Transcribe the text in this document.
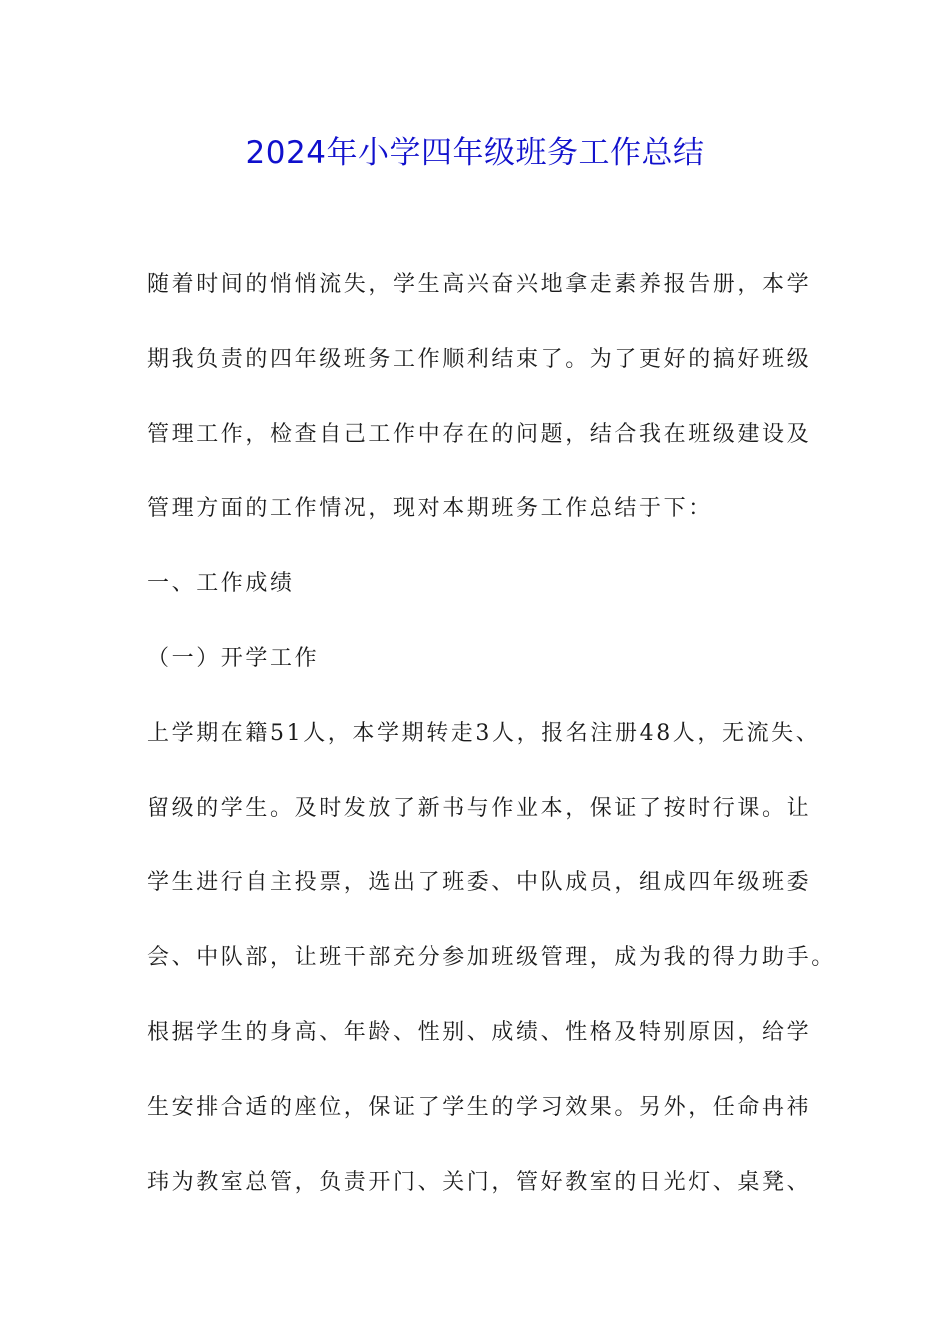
2024年小学四年级班务工作总结

随着时间的悄悄流失，学生高兴奋兴地拿走素养报告册，本学

期我负责的四年级班务工作顺利结束了。为了更好的搞好班级

管理工作，检查自己工作中存在的问题，结合我在班级建设及

管理方面的工作情况，现对本期班务工作总结于下：

一、工作成绩

（一）开学工作

上学期在籍51人，本学期转走3人，报名注册48人，无流失、

留级的学生。及时发放了新书与作业本，保证了按时行课。让

学生进行自主投票，选出了班委、中队成员，组成四年级班委

会、中队部，让班干部充分参加班级管理，成为我的得力助手。

根据学生的身高、年龄、性别、成绩、性格及特别原因，给学

生安排合适的座位，保证了学生的学习效果。另外，任命冉祎

玮为教室总管，负责开门、关门，管好教室的日光灯、桌凳、
